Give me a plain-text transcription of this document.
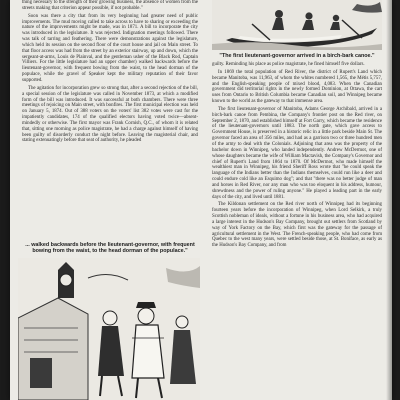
"The first lieutenant-governor arrived in a birch-bark canoe."

thing necessary to the strength of their growing business, the absence of women from the streets making that criterion appear possible, if not probable."

Soon was there a city that from its very beginning had greater need of public improvements. The mud moving called to take across to have to sharing or exceeding the nature of the improvements might be made, was in 1871. A bill to incorporate the city was introduced in the legislature. It was rejected. Indignation meetings followed. There was talk of tarring and feathering. There were demonstrations against the legislature, which held its session on the second floor of the court house and jail on Main street. To that floor access was had from the street by an exterior stairway, up and down, which the sergeant-at-arms, Louis de Plainval, and the gentleman usher of the Black Rod, Captain Villiers. For the little legislature had an upper chamber) walked backwards before the lieutenant-governor, with frequent bowing from the waist, to the head dorman of the populace, while the gravel of Speaker kept the military reputation of their favor supported.

The agitation for incorporation grew so strong that, after a second rejection of the bill, a special session of the legislature was called in November 1873, at which a modified form of the bill was introduced. It was successful at both chambers. There were three meetings of rejoicing on Main street, with bonfires. The first municipal election was held on January 5, 1874. Out of 388 voters on the voters' list 382 votes were cast for the impatiently candidates, 174 of the qualified electors having voted twice—absent-mindedly or otherwise. The first mayor was Frank Cornish, Q.C., of whom it is related that, sitting one morning as police magistrate, he had a charge against himself of having been guilty of disorderly conduct the night before. Leaving the magisterial chair, and stating extenuatingly before that seat of authority, he pleaded

... walked backwards before the lieutenant-governor, with frequent bowing from the waist, to the head dorman of the populace."

guilty. Reminding his place as police magistrate, he fined himself five dollars.

In 1869 the total population of Red River, the district of Rupert's Land which became Manitoba, was 11,963, of whom the whites numbered 1,565, the Métis 5,757, and the English-speaking people of mixed blood, 4,083. When the Canadian government did territorial rights in the newly formed Dominion, at Ottawa, the cart uses from Ontario to British Columbia became Canadian soil, and Winnipeg became known to the world as the gateway to that immense area.

The first lieutenant-governor of Manitoba, Adams George Archibald, arrived in a birch-bark canoe from Pembina, the Company's frontier post on the Red river, on September 2, 1870, and established himself at Fort Garry, which became the residence of the lieutenant-governors until 1883. The north gate, which gave access to Government House, is preserved in a historic relic in a little park beside Main St. The governor faced an area of 356 miles, and had as a garrison two or three hundred men of the army to deal with the Colonials. Adjoining that area was the property of the bachelor down in Winnipeg, who landed independently. Andrew McDermot, one of whose daughters became the wife of William Mactavish, the Company's Governor and chief of Rupert's Land from 1864 to 1870. Of McDermot, who made himself the wealthiest man in Winnipeg, his friend Sheriff Ross wrote that "he could speak the language of the Indians better than the Indians themselves, could run like a deer and could endure cold like an Esquimo dog"; and that "there was no better judge of man and horses in Red River, nor any man who was too eloquent in his address, humour, shrewdness and the power of ruling anyone." He played a leading part in the early days of the city, and lived until 1881.

The Kildonan settlement on the Red river north of Winnipeg had its beginning fourteen years before the incorporation of Winnipeg, when Lord Selkirk, a truly Scottish nobleman of ideals, without a fortune in his business area, who had acquired a large interest in the Hudson's Bay Company, brought out settlers from Scotland by way of York Factory on the Bay, which first was the gateway for the passage of agricultural settlement in the West. The French-speaking people, who had come from Quebec to the west many years, were settled beside those, at St. Boniface, as early as the Hudson's Bay Company, and from
